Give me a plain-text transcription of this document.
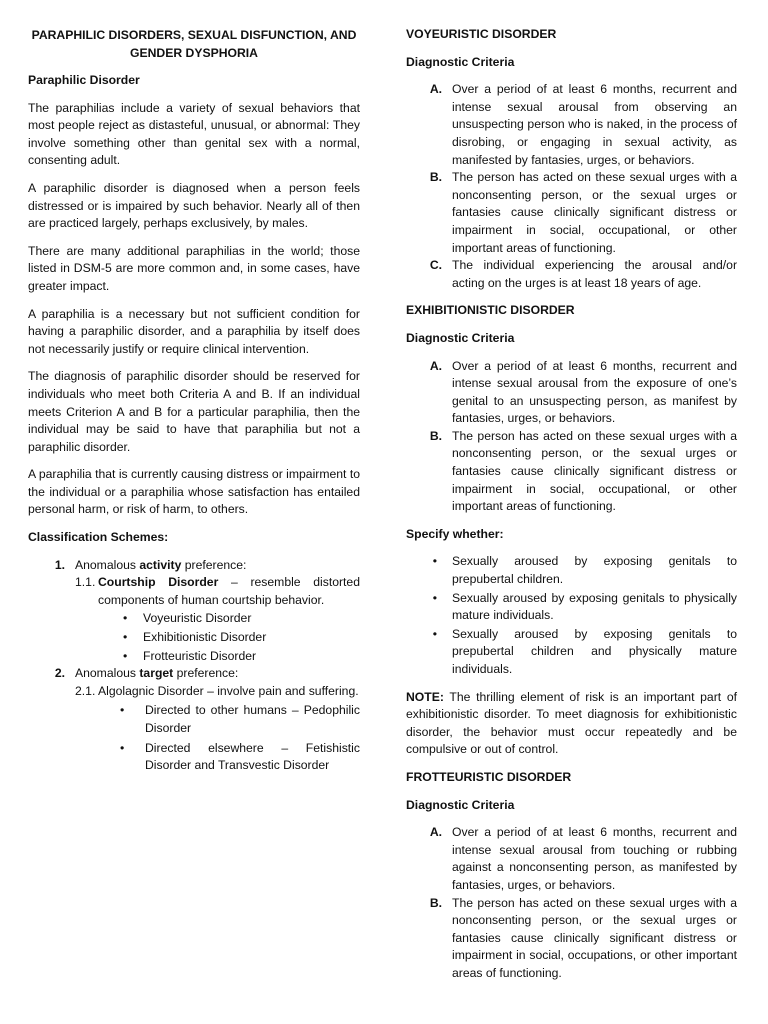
PARAPHILIC DISORDERS, SEXUAL DISFUNCTION, AND GENDER DYSPHORIA
Paraphilic Disorder

The paraphilias include a variety of sexual behaviors that most people reject as distasteful, unusual, or abnormal: They involve something other than genital sex with a normal, consenting adult.

A paraphilic disorder is diagnosed when a person feels distressed or is impaired by such behavior. Nearly all of then are practiced largely, perhaps exclusively, by males.

There are many additional paraphilias in the world; those listed in DSM-5 are more common and, in some cases, have greater impact.

A paraphilia is a necessary but not sufficient condition for having a paraphilic disorder, and a paraphilia by itself does not necessarily justify or require clinical intervention.

The diagnosis of paraphilic disorder should be reserved for individuals who meet both Criteria A and B. If an individual meets Criterion A and B for a particular paraphilia, then the individual may be said to have that paraphilia but not a paraphilic disorder.

A paraphilia that is currently causing distress or impairment to the individual or a paraphilia whose satisfaction has entailed personal harm, or risk of harm, to others.

Classification Schemes:
1. Anomalous activity preference:
1.1. Courtship Disorder – resemble distorted components of human courtship behavior.
•	Voyeuristic Disorder
•	Exhibitionistic Disorder
•	Frotteuristic Disorder
2. Anomalous target preference:
2.1. Algolagnic Disorder – involve pain and suffering.
•	Directed to other humans – Pedophilic Disorder
•	Directed elsewhere – Fetishistic Disorder and Transvestic Disorder
VOYEURISTIC DISORDER
Diagnostic Criteria
A. Over a period of at least 6 months, recurrent and intense sexual arousal from observing an unsuspecting person who is naked, in the process of disrobing, or engaging in sexual activity, as manifested by fantasies, urges, or behaviors.
B. The person has acted on these sexual urges with a nonconsenting person, or the sexual urges or fantasies cause clinically significant distress or impairment in social, occupational, or other important areas of functioning.
C. The individual experiencing the arousal and/or acting on the urges is at least 18 years of age.
EXHIBITIONISTIC DISORDER
Diagnostic Criteria
A. Over a period of at least 6 months, recurrent and intense sexual arousal from the exposure of one’s genital to an unsuspecting person, as manifest by fantasies, urges, or behaviors.
B. The person has acted on these sexual urges with a nonconsenting person, or the sexual urges or fantasies cause clinically significant distress or impairment in social, occupational, or other important areas of functioning.
Specify whether:
•	Sexually aroused by exposing genitals to prepubertal children.
•	Sexually aroused by exposing genitals to physically mature individuals.
•	Sexually aroused by exposing genitals to prepubertal children and physically mature individuals.

NOTE: The thrilling element of risk is an important part of exhibitionistic disorder. To meet diagnosis for exhibitionistic disorder, the behavior must occur repeatedly and be compulsive or out of control.

FROTTEURISTIC DISORDER
Diagnostic Criteria
A. Over a period of at least 6 months, recurrent and intense sexual arousal from touching or rubbing against a nonconsenting person, as manifested by fantasies, urges, or behaviors.
B. The person has acted on these sexual urges with a nonconsenting person, or the sexual urges or fantasies cause clinically significant distress or impairment in social, occupations, or other important areas of functioning.
